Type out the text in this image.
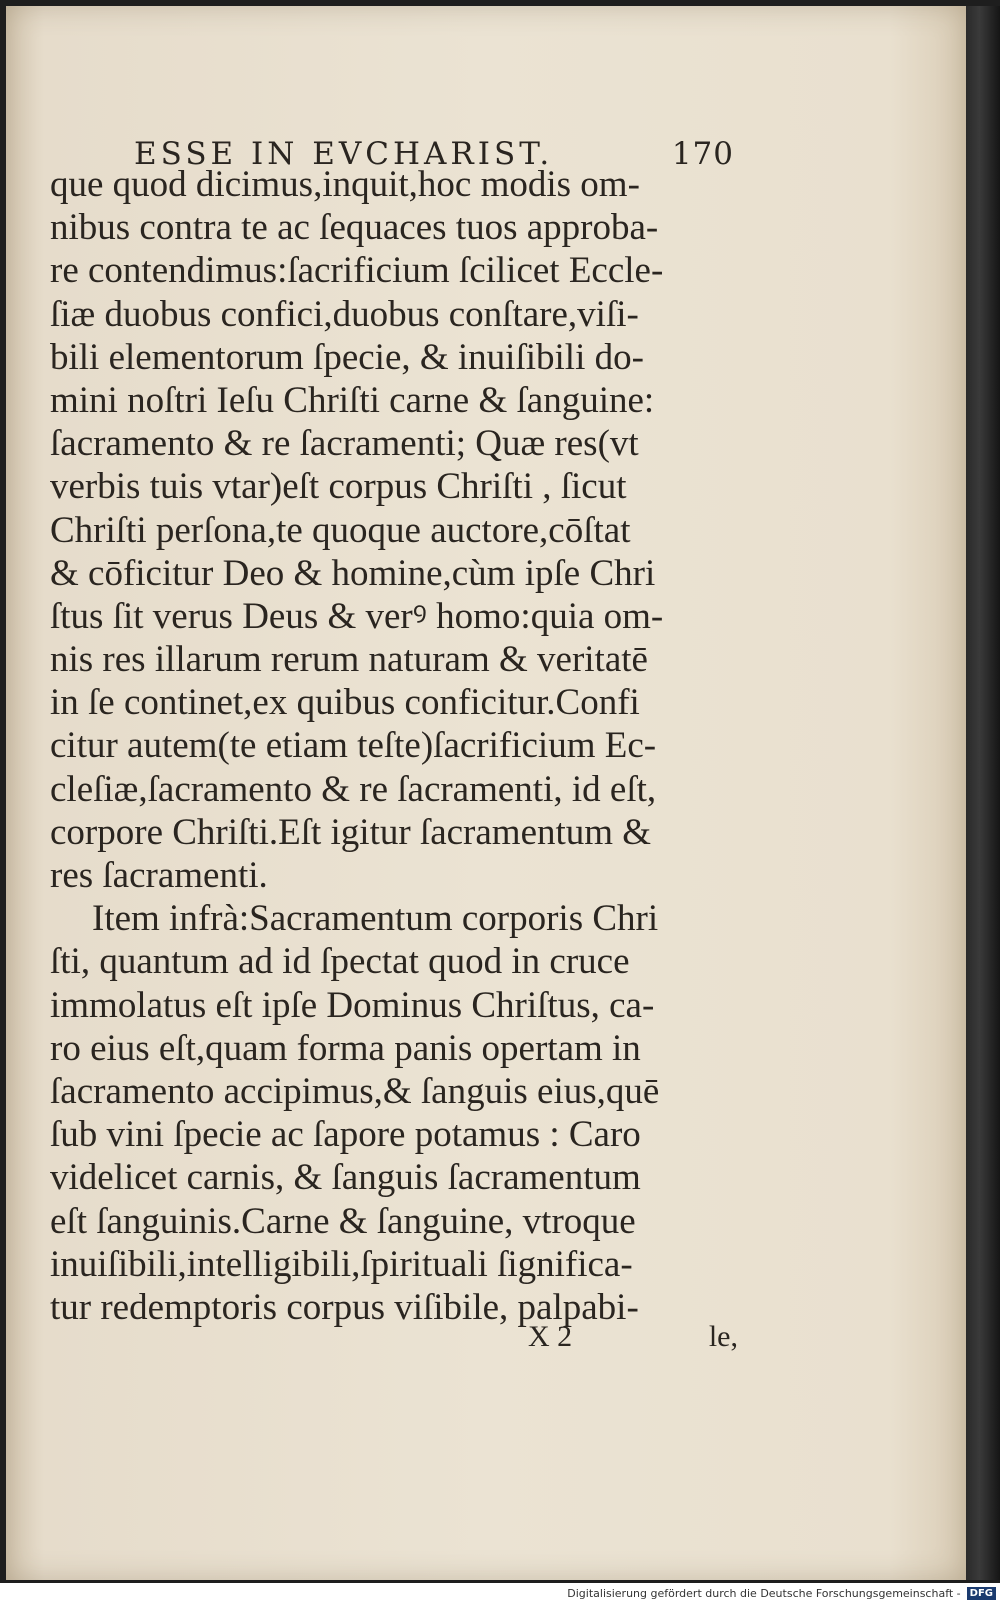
ESSE IN EVCHARIST.	170
que quod dicimus,inquit,hoc modis om-
nibus contra te ac ſequaces tuos approba-
re contendimus:ſacrificium ſcilicet Eccle-
ſiæ duobus confici,duobus conſtare,viſi-
bili elementorum ſpecie, & inuiſibili do-
mini noſtri Ieſu Chriſti carne & ſanguine:
ſacramento & re ſacramenti; Quæ res(vt
verbis tuis vtar)eſt corpus Chriſti , ſicut
Chriſti perſona,te quoque auctore,cōſtat
& cōficitur Deo & homine,cùm ipſe Chri
ſtus ſit verus Deus & verꝰ homo:quia om-
nis res illarum rerum naturam & veritatē
in ſe continet,ex quibus conficitur.Confi
citur autem(te etiam teſte)ſacrificium Ec-
cleſiæ,ſacramento & re ſacramenti, id eſt,
corpore Chriſti.Eſt igitur ſacramentum &
res ſacramenti.
Item infrà:Sacramentum corporis Chri
ſti, quantum ad id ſpectat quod in cruce
immolatus eſt ipſe Dominus Chriſtus, ca-
ro eius eſt,quam forma panis opertam in
ſacramento accipimus,& ſanguis eius,quē
ſub vini ſpecie ac ſapore potamus : Caro
videlicet carnis, & ſanguis ſacramentum
eſt ſanguinis.Carne & ſanguine, vtroque
inuiſibili,intelligibili,ſpirituali ſignifica-
tur redemptoris corpus viſibile, palpabi-
X 2	le,
Digitalisierung gefördert durch die Deutsche Forschungsgemeinschaft - DFG
